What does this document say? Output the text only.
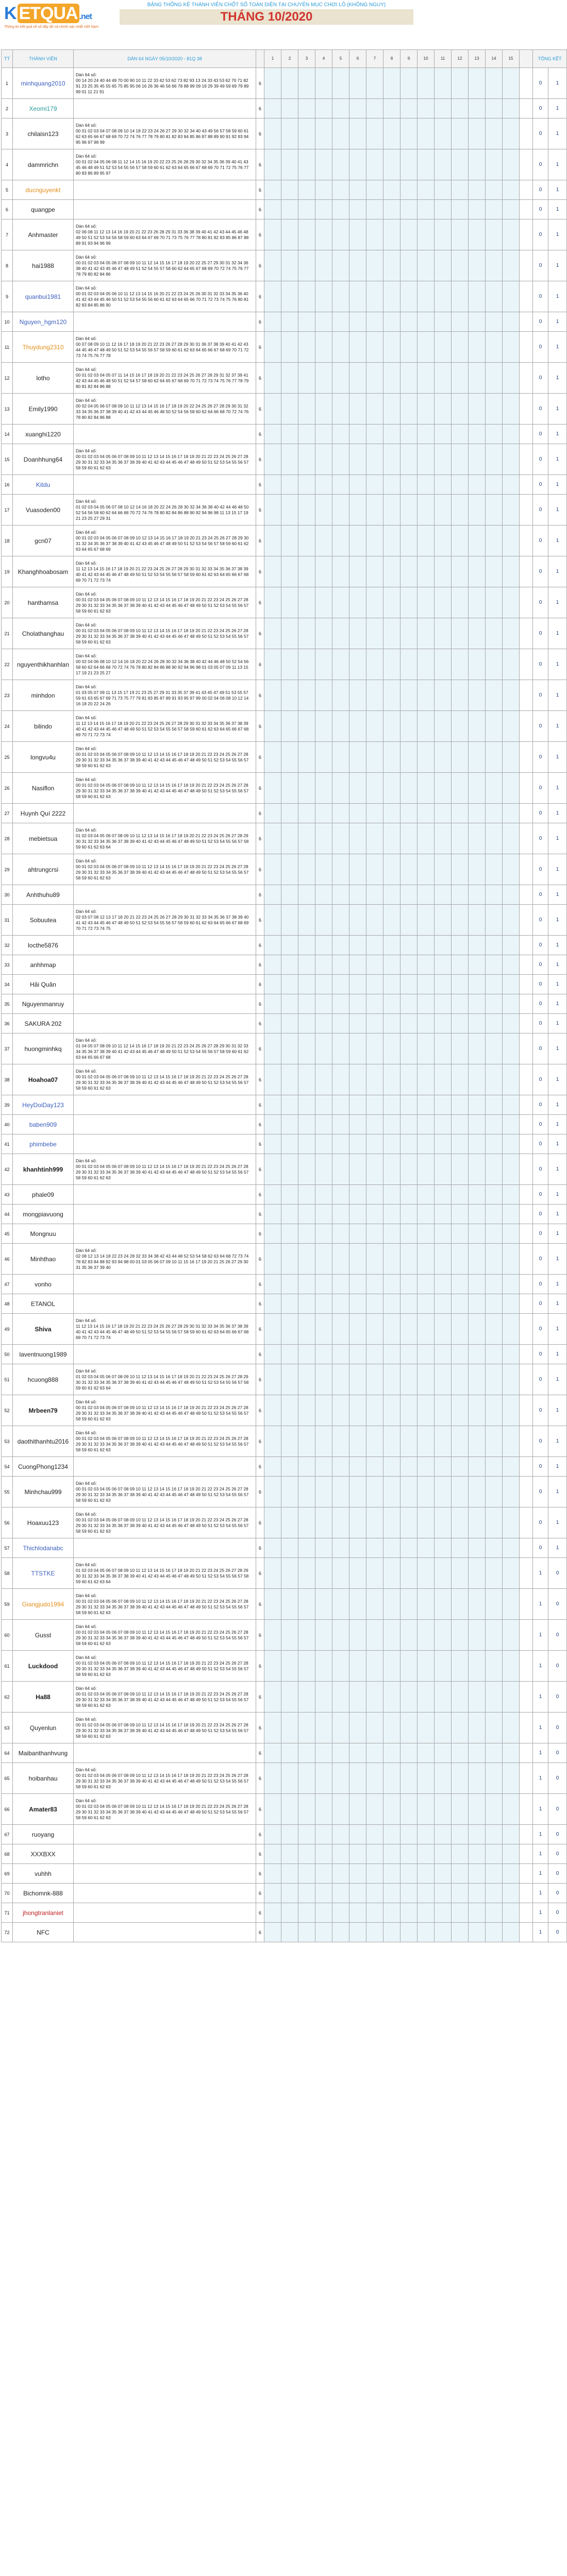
K ETQUA .net
Thông tin kết quả xổ số đầy đủ và chính xác nhất Việt Nam
BẢNG THỐNG KÊ THÀNH VIÊN CHỐT SỐ TOÀN DIỆN TẠI CHUYÊN MỤC CHƠI LÔ (KHÔNG NGUY)
THÁNG 10/2020
TT	THÀNH VIÊN	DÀN 64 NGÀY 05/10/2020 - 81Q 38		1	2	3	4	5	6	7	8	9	10	11	12	13	14	15		TỔNG KẾT	
1	minhquang2010	Dàn 64 số:
00 14 20 24 40 44 49 70 00 90 10 11 22 33 42 53 62 73 82 93 13 24 33 43 53 62 70 71 82 91 23 25 35 45 55 65 75 85 95 06 16 26 36 46 56 66 78 88 99 09 19 29 39 49 59 69 79 89 99 01 11 21 91	6																	0	1
2	Xeomi179		6																	0	1
3	chilaisn123	Dàn 64 số:
00 01 02 03 04 07 08 09 10 14 18 22 23 24 26 27 29 30 32 34 40 43 49 56 57 58 59 60 61 62 63 65 66 67 68 69 70 72 74 76 77 78 79 80 81 82 83 84 85 86 87 88 89 90 91 92 93 94 95 96 97 98 99	6																	0	1
4	dammrichn	Dàn 64 số:
00 01 02 04 05 06 08 11 12 14 15 16 19 20 22 23 25 26 28 29 30 32 34 35 36 39 40 41 43 45 46 48 49 51 52 53 54 55 56 57 58 59 60 61 62 63 64 65 66 67 68 69 70 71 72 75 76 77 80 83 86 89 95 97	6																	0	1
5	ducnguyenkt		6																	0	1
6	quangpe		6																	0	1
7	Anhmaster	Dàn 64 số:
02 06 08 11 12 13 14 16 19 20 21 22 23 26 28 29 31 33 36 38 39 40 41 42 43 44 45 46 48 49 50 51 52 53 54 56 58 59 60 63 64 67 69 70 71 73 75 76 77 78 80 81 82 83 85 86 87 88 89 91 93 94 96 99	6																	0	1
8	hai1988	Dàn 64 số:
00 01 02 03 04 05 06 07 08 09 10 11 12 14 15 16 17 18 19 20 22 25 27 29 30 31 32 34 36 38 40 41 42 43 45 46 47 48 49 51 52 54 55 57 58 60 62 64 65 67 68 69 70 72 74 75 76 77 78 79 80 82 84 86	6																	0	1
9	quanbui1981	Dàn 64 số:
00 01 02 03 04 05 06 10 11 12 13 14 15 16 20 21 22 23 24 25 26 30 31 32 33 34 35 36 40 41 42 43 44 45 46 50 51 52 53 54 55 56 60 61 62 63 64 65 66 70 71 72 73 74 75 76 80 81 82 83 84 85 86 90	6																	0	1
10	Nguyen_hgm120		6																	0	1
11	Thuydung2310	Dàn 64 số:
00 07 08 09 10 11 12 16 17 18 19 20 21 22 23 26 27 28 29 30 31 36 37 38 39 40 41 42 43 44 45 46 47 48 49 50 51 52 53 54 55 56 57 58 59 60 61 62 63 64 65 66 67 68 69 70 71 72 73 74 75 76 77 78	6																	0	1
12	lotho	Dàn 64 số:
00 01 02 03 04 05 07 11 14 15 16 17 18 19 20 21 22 23 24 25 26 27 28 29 31 32 37 39 41 42 43 44 45 46 48 50 51 52 54 57 58 60 62 64 65 67 68 69 70 71 72 73 74 75 76 77 78 79 80 81 82 84 86 88	6																	0	1
13	Emily1990	Dàn 64 số:
00 02 04 05 06 07 08 09 10 11 12 13 14 15 16 17 18 19 20 22 24 25 26 27 28 29 30 31 32 33 34 35 36 37 38 39 40 41 42 43 44 45 46 48 50 52 54 56 58 60 62 64 66 68 70 72 74 76 78 80 82 84 86 88	6																	0	1
14	xuanghi1220		6																	0	1
15	Doanhhung64	Dàn 64 số:
00 01 02 03 04 05 06 07 08 09 10 11 12 13 14 15 16 17 18 19 20 21 22 23 24 25 26 27 28 29 30 31 32 33 34 35 36 37 38 39 40 41 42 43 44 45 46 47 48 49 50 51 52 53 54 55 56 57 58 59 60 61 62 63	6																	0	1
16	Kitdu		6																	0	1
17	Vuasoden00	Dàn 64 số:
01 02 03 04 05 06 07 08 10 12 14 16 18 20 22 24 26 28 30 32 34 36 38 40 42 44 46 48 50 52 54 56 58 60 62 64 66 68 70 72 74 76 78 80 82 84 86 88 90 92 94 96 98 11 13 15 17 19 21 23 25 27 29 31	6																	0	1
18	gcn07	Dàn 64 số:
00 01 02 03 04 05 06 07 08 09 10 12 13 14 15 16 17 18 19 20 21 23 24 25 26 27 28 29 30 31 32 34 35 36 37 38 39 40 41 42 43 45 46 47 48 49 50 51 52 53 54 56 57 58 59 60 61 62 63 64 65 67 68 69	6																	0	1
19	Khanghhoabosam	Dàn 64 số:
11 12 13 14 15 16 17 18 19 20 21 22 23 24 25 26 27 28 29 30 31 32 33 34 35 36 37 38 39 40 41 42 43 44 45 46 47 48 49 50 51 52 53 54 55 56 57 58 59 60 61 62 63 64 65 66 67 68 69 70 71 72 73 74	6																	0	1
20	hanthamsa	Dàn 64 số:
00 01 02 03 04 05 06 07 08 09 10 11 12 13 14 15 16 17 18 19 20 21 22 23 24 25 26 27 28 29 30 31 32 33 34 35 36 37 38 39 40 41 42 43 44 45 46 47 48 49 50 51 52 53 54 55 56 57 58 59 60 61 62 63	6																	0	1
21	Cholathanghau	Dàn 64 số:
00 01 02 03 04 05 06 07 08 09 10 11 12 13 14 15 16 17 18 19 20 21 22 23 24 25 26 27 28 29 30 31 32 33 34 35 36 37 38 39 40 41 42 43 44 45 46 47 48 49 50 51 52 53 54 55 56 57 58 59 60 61 62 63	6																	0	1
22	nguyenthikhanhlan	Dàn 64 số:
00 02 04 06 08 10 12 14 16 18 20 22 24 26 28 30 32 34 36 38 40 42 44 46 48 50 52 54 56 58 60 62 64 66 68 70 72 74 76 78 80 82 84 86 88 90 92 94 96 98 01 03 05 07 09 11 13 15 17 19 21 23 25 27	6																	0	1
23	minhdon	Dàn 64 số:
01 03 05 07 09 11 13 15 17 19 21 23 25 27 29 31 33 35 37 39 41 43 45 47 49 51 53 55 57 59 61 63 65 67 69 71 73 75 77 79 81 83 85 87 89 91 93 95 97 99 00 02 04 06 08 10 12 14 16 18 20 22 24 26	6																	0	1
24	bilindo	Dàn 64 số:
11 12 13 14 15 16 17 18 19 20 21 22 23 24 25 26 27 28 29 30 31 32 33 34 35 36 37 38 39 40 41 42 43 44 45 46 47 48 49 50 51 52 53 54 55 56 57 58 59 60 61 62 63 64 65 66 67 68 69 70 71 72 73 74	6																	0	1
25	longvu4u	Dàn 64 số:
00 01 02 03 04 05 06 07 08 09 10 11 12 13 14 15 16 17 18 19 20 21 22 23 24 25 26 27 28 29 30 31 32 33 34 35 36 37 38 39 40 41 42 43 44 45 46 47 48 49 50 51 52 53 54 55 56 57 58 59 60 61 62 63	6																	0	1
26	Nasiflon	Dàn 64 số:
00 01 02 03 04 05 06 07 08 09 10 11 12 13 14 15 16 17 18 19 20 21 22 23 24 25 26 27 28 29 30 31 32 33 34 35 36 37 38 39 40 41 42 43 44 45 46 47 48 49 50 51 52 53 54 55 56 57 58 59 60 61 62 63	6																	0	1
27	Huynh Quí 2222		6																	0	1
28	mebietsua	Dàn 64 số:
01 02 03 04 05 06 07 08 09 10 11 12 13 14 15 16 17 18 19 20 21 22 23 24 25 26 27 28 29 30 31 32 33 34 35 36 37 38 39 40 41 42 43 44 45 46 47 48 49 50 51 52 53 54 55 56 57 58 59 60 61 62 63 64	6																	0	1
29	ahtrungcrsi	Dàn 64 số:
00 01 02 03 04 05 06 07 08 09 10 11 12 13 14 15 16 17 18 19 20 21 22 23 24 25 26 27 28 29 30 31 32 33 34 35 36 37 38 39 40 41 42 43 44 45 46 47 48 49 50 51 52 53 54 55 56 57 58 59 60 61 62 63	6																	0	1
30	Anhthuhu89		6																	0	1
31	Sobuutea	Dàn 64 số:
02 03 07 08 12 13 17 18 20 21 22 23 24 25 26 27 28 29 30 31 32 33 34 35 36 37 38 39 40 41 42 43 44 45 46 47 48 49 50 51 52 53 54 55 56 57 58 59 60 61 62 63 64 65 66 67 68 69 70 71 72 73 74 75	6																	0	1
32	locthe5876		6																	0	1
33	anhhmap		6																	0	1
34	Hải Quân		6																	0	1
35	Nguyenmanruy		6																	0	1
36	SAKURA 202		6																	0	1
37	huongminhkq	Dàn 64 số:
01 04 05 07 08 09 10 11 12 14 15 16 17 18 19 20 21 22 23 24 25 26 27 28 29 30 31 32 33 34 35 36 37 38 39 40 41 42 43 44 45 46 47 48 49 50 51 52 53 54 55 56 57 58 59 60 61 62 63 64 65 66 67 68	6																	0	1
38	Hoahoa07	Dàn 64 số:
00 01 02 03 04 05 06 07 08 09 10 11 12 13 14 15 16 17 18 19 20 21 22 23 24 25 26 27 28 29 30 31 32 33 34 35 36 37 38 39 40 41 42 43 44 45 46 47 48 49 50 51 52 53 54 55 56 57 58 59 60 61 62 63	6																	0	1
39	HeyDoiDay123		6																	0	1
40	baben909		6																	0	1
41	phimbebe		6																	0	1
42	khanhtinh999	Dàn 64 số:
00 01 02 03 04 05 06 07 08 09 10 11 12 13 14 15 16 17 18 19 20 21 22 23 24 25 26 27 28 29 30 31 32 33 34 35 36 37 38 39 40 41 42 43 44 45 46 47 48 49 50 51 52 53 54 55 56 57 58 59 60 61 62 63	6																	0	1
43	phale09		6																	0	1
44	mongpiavuong		6																	0	1
45	Mongnuu		6																	0	1
46	Minhthao	Dàn 64 số:
02 08 12 13 14 18 22 23 24 28 32 33 34 38 42 43 44 48 52 53 54 58 62 63 64 68 72 73 74 78 82 83 84 88 92 93 94 98 00 01 03 05 06 07 09 10 11 15 16 17 19 20 21 25 26 27 29 30 31 35 36 37 39 40	6																	0	1
47	vonho		6																	0	1
48	ETANOL		6																	0	1
49	Shiva	Dàn 64 số:
11 12 13 14 15 16 17 18 19 20 21 22 23 24 25 26 27 28 29 30 31 32 33 34 35 36 37 38 39 40 41 42 43 44 45 46 47 48 49 50 51 52 53 54 55 56 57 58 59 60 61 62 63 64 65 66 67 68 69 70 71 72 73 74	6																	0	1
50	laventnuong1989		6																	0	1
51	hcuong888	Dàn 64 số:
01 02 03 04 05 06 07 08 09 10 11 12 13 14 15 16 17 18 19 20 21 22 23 24 25 26 27 28 29 30 31 32 33 34 35 36 37 38 39 40 41 42 43 44 45 46 47 48 49 50 51 52 53 54 55 56 57 58 59 60 61 62 63 64	6																	0	1
52	Mrbeen79	Dàn 64 số:
00 01 02 03 04 05 06 07 08 09 10 11 12 13 14 15 16 17 18 19 20 21 22 23 24 25 26 27 28 29 30 31 32 33 34 35 36 37 38 39 40 41 42 43 44 45 46 47 48 49 50 51 52 53 54 55 56 57 58 59 60 61 62 63	6																	0	1
53	daothithanhtu2016	Dàn 64 số:
00 01 02 03 04 05 06 07 08 09 10 11 12 13 14 15 16 17 18 19 20 21 22 23 24 25 26 27 28 29 30 31 32 33 34 35 36 37 38 39 40 41 42 43 44 45 46 47 48 49 50 51 52 53 54 55 56 57 58 59 60 61 62 63	6																	0	1
54	CuongPhong1234		6																	0	1
55	Minhchau999	Dàn 64 số:
00 01 02 03 04 05 06 07 08 09 10 11 12 13 14 15 16 17 18 19 20 21 22 23 24 25 26 27 28 29 30 31 32 33 34 35 36 37 38 39 40 41 42 43 44 45 46 47 48 49 50 51 52 53 54 55 56 57 58 59 60 61 62 63	6																	0	1
56	Hoaxuu123	Dàn 64 số:
00 01 02 03 04 05 06 07 08 09 10 11 12 13 14 15 16 17 18 19 20 21 22 23 24 25 26 27 28 29 30 31 32 33 34 35 36 37 38 39 40 41 42 43 44 45 46 47 48 49 50 51 52 53 54 55 56 57 58 59 60 61 62 63	6																	0	1
57	Thichlodanabc		6																	0	1
58	TTSTKE	Dàn 64 số:
01 02 03 04 05 06 07 08 09 10 11 12 13 14 15 16 17 18 19 20 21 22 23 24 25 26 27 28 29 30 31 32 33 34 35 36 37 38 39 40 41 42 43 44 45 46 47 48 49 50 51 52 53 54 55 56 57 58 59 60 61 62 63 64	6																	1	0
59	Giangjudo1994	Dàn 64 số:
00 01 02 03 04 05 06 07 08 09 10 11 12 13 14 15 16 17 18 19 20 21 22 23 24 25 26 27 28 29 30 31 32 33 34 35 36 37 38 39 40 41 42 43 44 45 46 47 48 49 50 51 52 53 54 55 56 57 58 59 60 61 62 63	6																	1	0
60	Gusst	Dàn 64 số:
00 01 02 03 04 05 06 07 08 09 10 11 12 13 14 15 16 17 18 19 20 21 22 23 24 25 26 27 28 29 30 31 32 33 34 35 36 37 38 39 40 41 42 43 44 45 46 47 48 49 50 51 52 53 54 55 56 57 58 59 60 61 62 63	6																	1	0
61	Luckdood	Dàn 64 số:
00 01 02 03 04 05 06 07 08 09 10 11 12 13 14 15 16 17 18 19 20 21 22 23 24 25 26 27 28 29 30 31 32 33 34 35 36 37 38 39 40 41 42 43 44 45 46 47 48 49 50 51 52 53 54 55 56 57 58 59 60 61 62 63	6																	1	0
62	Ha88	Dàn 64 số:
00 01 02 03 04 05 06 07 08 09 10 11 12 13 14 15 16 17 18 19 20 21 22 23 24 25 26 27 28 29 30 31 32 33 34 35 36 37 38 39 40 41 42 43 44 45 46 47 48 49 50 51 52 53 54 55 56 57 58 59 60 61 62 63	6																	1	0
63	Quyenlun	Dàn 64 số:
00 01 02 03 04 05 06 07 08 09 10 11 12 13 14 15 16 17 18 19 20 21 22 23 24 25 26 27 28 29 30 31 32 33 34 35 36 37 38 39 40 41 42 43 44 45 46 47 48 49 50 51 52 53 54 55 56 57 58 59 60 61 62 63	6																	1	0
64	Maibanthanhvung		6																	1	0
65	hoibanhau	Dàn 64 số:
00 01 02 03 04 05 06 07 08 09 10 11 12 13 14 15 16 17 18 19 20 21 22 23 24 25 26 27 28 29 30 31 32 33 34 35 36 37 38 39 40 41 42 43 44 45 46 47 48 49 50 51 52 53 54 55 56 57 58 59 60 61 62 63	6																	1	0
66	Amater83	Dàn 64 số:
00 01 02 03 04 05 06 07 08 09 10 11 12 13 14 15 16 17 18 19 20 21 22 23 24 25 26 27 28 29 30 31 32 33 34 35 36 37 38 39 40 41 42 43 44 45 46 47 48 49 50 51 52 53 54 55 56 57 58 59 60 61 62 63	6																	1	0
67	ruoyang		6																	1	0
68	XXXBXX		6																	1	0
69	vuhhh		6																	1	0
70	Bichomnk-888		6																	1	0
71	jhongtranlaniet		6																	1	0
72	NFC		6																	1	0
